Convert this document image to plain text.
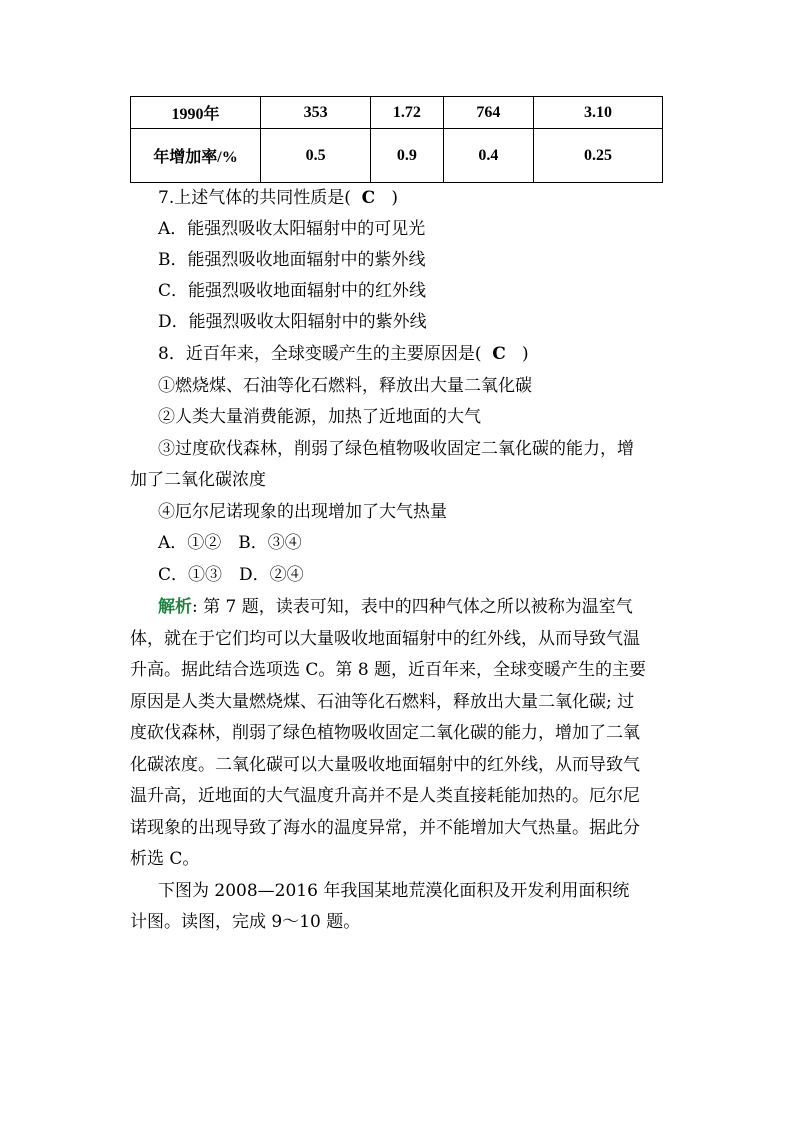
1990年	353	1.72	764	3.10
年增加率/%	0.5	0.9	0.4	0.25
7.上述气体的共同性质是( C )
A．能强烈吸收太阳辐射中的可见光
B．能强烈吸收地面辐射中的紫外线
C．能强烈吸收地面辐射中的红外线
D．能强烈吸收太阳辐射中的紫外线
8．近百年来，全球变暖产生的主要原因是( C )
①燃烧煤、石油等化石燃料，释放出大量二氧化碳
②人类大量消费能源，加热了近地面的大气
③过度砍伐森林，削弱了绿色植物吸收固定二氧化碳的能力，增
加了二氧化碳浓度
④厄尔尼诺现象的出现增加了大气热量
A．①②　B．③④
C．①③　D．②④
解析: 第 7 题，读表可知，表中的四种气体之所以被称为温室气
体，就在于它们均可以大量吸收地面辐射中的红外线，从而导致气温
升高。据此结合选项选 C。第 8 题，近百年来，全球变暖产生的主要
原因是人类大量燃烧煤、石油等化石燃料，释放出大量二氧化碳; 过
度砍伐森林，削弱了绿色植物吸收固定二氧化碳的能力，增加了二氧
化碳浓度。二氧化碳可以大量吸收地面辐射中的红外线，从而导致气
温升高，近地面的大气温度升高并不是人类直接耗能加热的。厄尔尼
诺现象的出现导致了海水的温度异常，并不能增加大气热量。据此分
析选 C。
下图为 2008—2016 年我国某地荒漠化面积及开发利用面积统
计图。读图，完成 9～10 题。
